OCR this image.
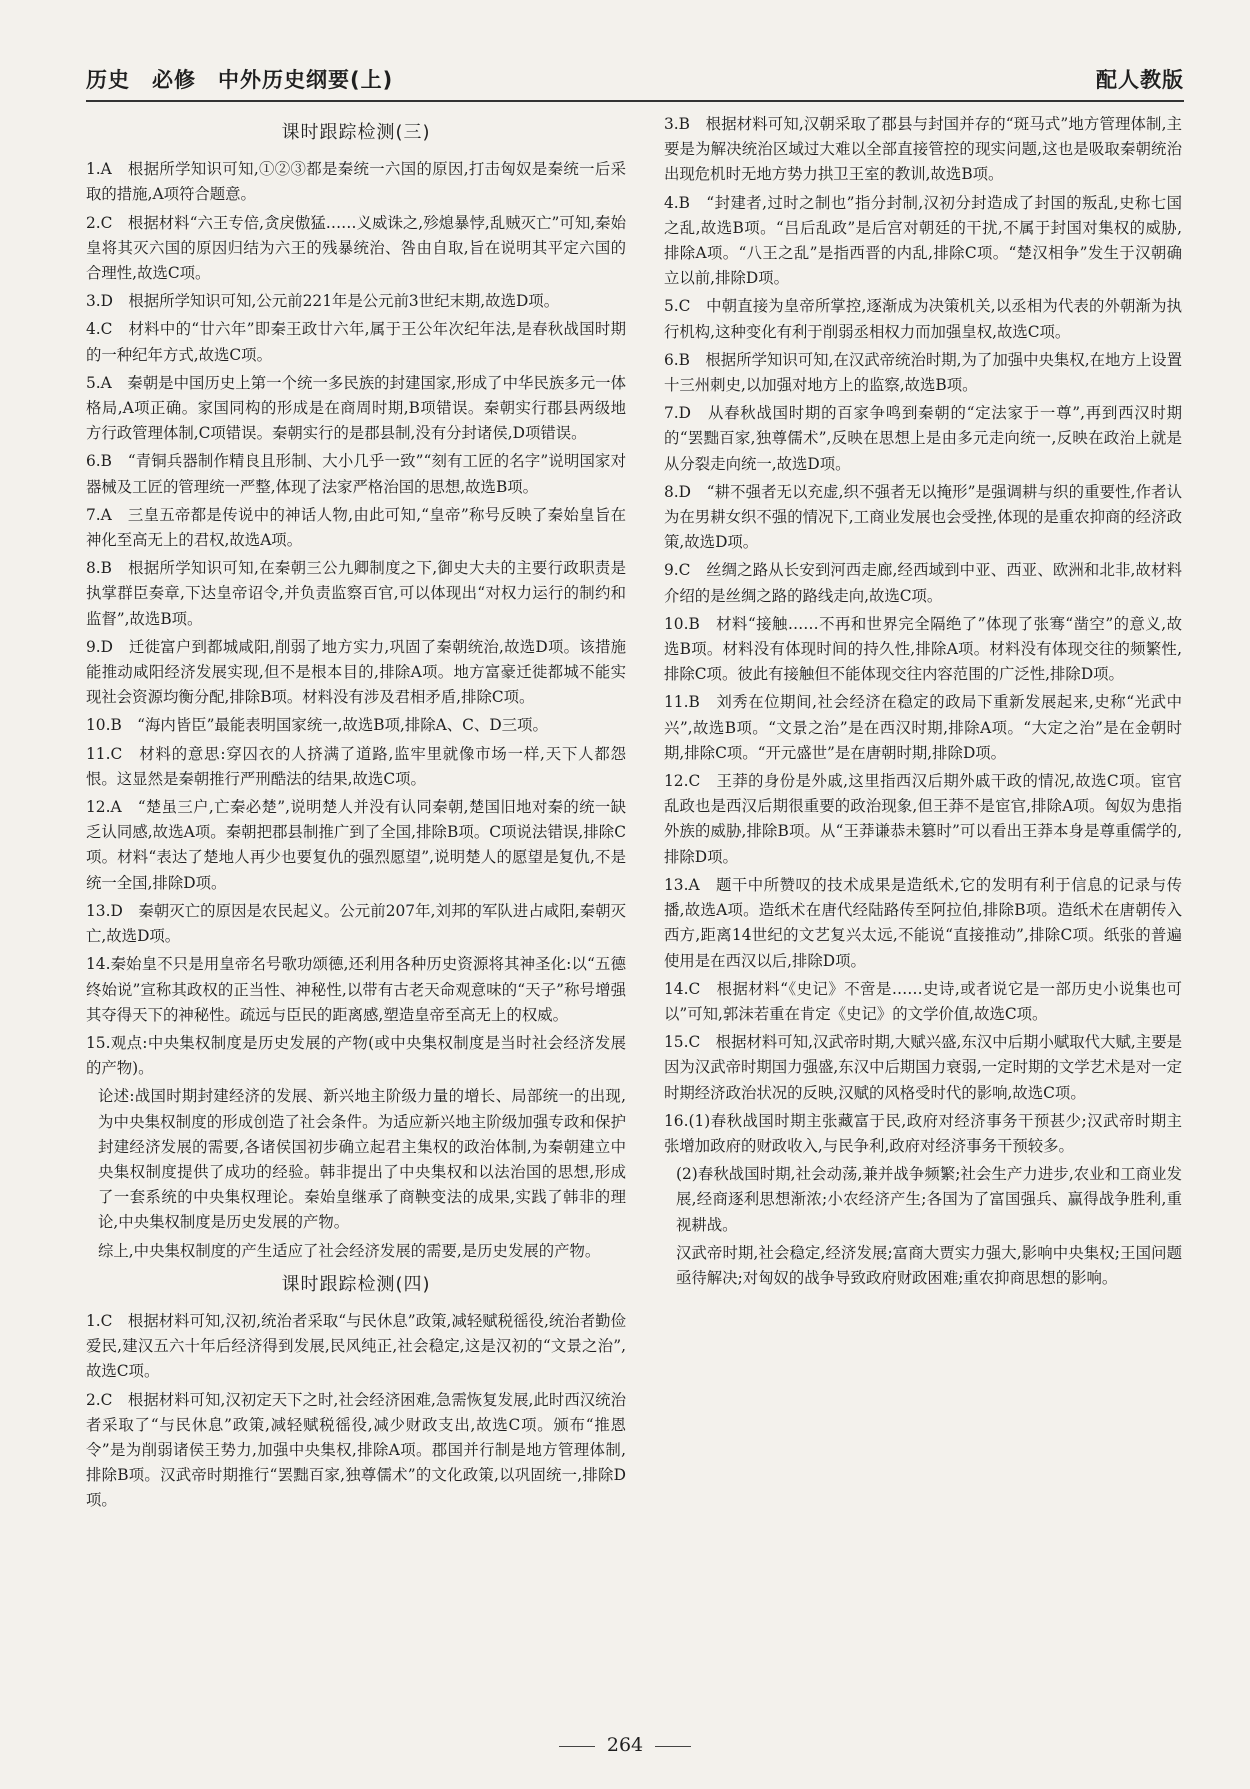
历史　必修　中外历史纲要(上)	配人教版
课时跟踪检测(三)

1.A　根据所学知识可知,①②③都是秦统一六国的原因,打击匈奴是秦统一后采取的措施,A项符合题意。

2.C　根据材料“六王专倍,贪戾傲猛……义威诛之,殄熄暴悖,乱贼灭亡”可知,秦始皇将其灭六国的原因归结为六王的残暴统治、咎由自取,旨在说明其平定六国的合理性,故选C项。

3.D　根据所学知识可知,公元前221年是公元前3世纪末期,故选D项。

4.C　材料中的“廿六年”即秦王政廿六年,属于王公年次纪年法,是春秋战国时期的一种纪年方式,故选C项。

5.A　秦朝是中国历史上第一个统一多民族的封建国家,形成了中华民族多元一体格局,A项正确。家国同构的形成是在商周时期,B项错误。秦朝实行郡县两级地方行政管理体制,C项错误。秦朝实行的是郡县制,没有分封诸侯,D项错误。

6.B　“青铜兵器制作精良且形制、大小几乎一致”“刻有工匠的名字”说明国家对器械及工匠的管理统一严整,体现了法家严格治国的思想,故选B项。

7.A　三皇五帝都是传说中的神话人物,由此可知,“皇帝”称号反映了秦始皇旨在神化至高无上的君权,故选A项。

8.B　根据所学知识可知,在秦朝三公九卿制度之下,御史大夫的主要行政职责是执掌群臣奏章,下达皇帝诏令,并负责监察百官,可以体现出“对权力运行的制约和监督”,故选B项。

9.D　迁徙富户到都城咸阳,削弱了地方实力,巩固了秦朝统治,故选D项。该措施能推动咸阳经济发展实现,但不是根本目的,排除A项。地方富豪迁徙都城不能实现社会资源均衡分配,排除B项。材料没有涉及君相矛盾,排除C项。

10.B　“海内皆臣”最能表明国家统一,故选B项,排除A、C、D三项。

11.C　材料的意思:穿囚衣的人挤满了道路,监牢里就像市场一样,天下人都怨恨。这显然是秦朝推行严刑酷法的结果,故选C项。

12.A　“楚虽三户,亡秦必楚”,说明楚人并没有认同秦朝,楚国旧地对秦的统一缺乏认同感,故选A项。秦朝把郡县制推广到了全国,排除B项。C项说法错误,排除C项。材料“表达了楚地人再少也要复仇的强烈愿望”,说明楚人的愿望是复仇,不是统一全国,排除D项。

13.D　秦朝灭亡的原因是农民起义。公元前207年,刘邦的军队进占咸阳,秦朝灭亡,故选D项。

14.秦始皇不只是用皇帝名号歌功颂德,还利用各种历史资源将其神圣化:以“五德终始说”宣称其政权的正当性、神秘性,以带有古老天命观意味的“天子”称号增强其夺得天下的神秘性。疏远与臣民的距离感,塑造皇帝至高无上的权威。

15.观点:中央集权制度是历史发展的产物(或中央集权制度是当时社会经济发展的产物)。

论述:战国时期封建经济的发展、新兴地主阶级力量的增长、局部统一的出现,为中央集权制度的形成创造了社会条件。为适应新兴地主阶级加强专政和保护封建经济发展的需要,各诸侯国初步确立起君主集权的政治体制,为秦朝建立中央集权制度提供了成功的经验。韩非提出了中央集权和以法治国的思想,形成了一套系统的中央集权理论。秦始皇继承了商鞅变法的成果,实践了韩非的理论,中央集权制度是历史发展的产物。

综上,中央集权制度的产生适应了社会经济发展的需要,是历史发展的产物。

课时跟踪检测(四)

1.C　根据材料可知,汉初,统治者采取“与民休息”政策,减轻赋税徭役,统治者勤俭爱民,建汉五六十年后经济得到发展,民风纯正,社会稳定,这是汉初的“文景之治”,故选C项。

2.C　根据材料可知,汉初定天下之时,社会经济困难,急需恢复发展,此时西汉统治者采取了“与民休息”政策,减轻赋税徭役,减少财政支出,故选C项。颁布“推恩令”是为削弱诸侯王势力,加强中央集权,排除A项。郡国并行制是地方管理体制,排除B项。汉武帝时期推行“罢黜百家,独尊儒术”的文化政策,以巩固统一,排除D项。

3.B　根据材料可知,汉朝采取了郡县与封国并存的“斑马式”地方管理体制,主要是为解决统治区域过大难以全部直接管控的现实问题,这也是吸取秦朝统治出现危机时无地方势力拱卫王室的教训,故选B项。

4.B　“封建者,过时之制也”指分封制,汉初分封造成了封国的叛乱,史称七国之乱,故选B项。“吕后乱政”是后宫对朝廷的干扰,不属于封国对集权的威胁,排除A项。“八王之乱”是指西晋的内乱,排除C项。“楚汉相争”发生于汉朝确立以前,排除D项。

5.C　中朝直接为皇帝所掌控,逐渐成为决策机关,以丞相为代表的外朝渐为执行机构,这种变化有利于削弱丞相权力而加强皇权,故选C项。

6.B　根据所学知识可知,在汉武帝统治时期,为了加强中央集权,在地方上设置十三州刺史,以加强对地方上的监察,故选B项。

7.D　从春秋战国时期的百家争鸣到秦朝的“定法家于一尊”,再到西汉时期的“罢黜百家,独尊儒术”,反映在思想上是由多元走向统一,反映在政治上就是从分裂走向统一,故选D项。

8.D　“耕不强者无以充虚,织不强者无以掩形”是强调耕与织的重要性,作者认为在男耕女织不强的情况下,工商业发展也会受挫,体现的是重农抑商的经济政策,故选D项。

9.C　丝绸之路从长安到河西走廊,经西域到中亚、西亚、欧洲和北非,故材料介绍的是丝绸之路的路线走向,故选C项。

10.B　材料“接触……不再和世界完全隔绝了”体现了张骞“凿空”的意义,故选B项。材料没有体现时间的持久性,排除A项。材料没有体现交往的频繁性,排除C项。彼此有接触但不能体现交往内容范围的广泛性,排除D项。

11.B　刘秀在位期间,社会经济在稳定的政局下重新发展起来,史称“光武中兴”,故选B项。“文景之治”是在西汉时期,排除A项。“大定之治”是在金朝时期,排除C项。“开元盛世”是在唐朝时期,排除D项。

12.C　王莽的身份是外戚,这里指西汉后期外戚干政的情况,故选C项。宦官乱政也是西汉后期很重要的政治现象,但王莽不是宦官,排除A项。匈奴为患指外族的威胁,排除B项。从“王莽谦恭未篡时”可以看出王莽本身是尊重儒学的,排除D项。

13.A　题干中所赞叹的技术成果是造纸术,它的发明有利于信息的记录与传播,故选A项。造纸术在唐代经陆路传至阿拉伯,排除B项。造纸术在唐朝传入西方,距离14世纪的文艺复兴太远,不能说“直接推动”,排除C项。纸张的普遍使用是在西汉以后,排除D项。

14.C　根据材料“《史记》不啻是……史诗,或者说它是一部历史小说集也可以”可知,郭沫若重在肯定《史记》的文学价值,故选C项。

15.C　根据材料可知,汉武帝时期,大赋兴盛,东汉中后期小赋取代大赋,主要是因为汉武帝时期国力强盛,东汉中后期国力衰弱,一定时期的文学艺术是对一定时期经济政治状况的反映,汉赋的风格受时代的影响,故选C项。

16.(1)春秋战国时期主张藏富于民,政府对经济事务干预甚少;汉武帝时期主张增加政府的财政收入,与民争利,政府对经济事务干预较多。

(2)春秋战国时期,社会动荡,兼并战争频繁;社会生产力进步,农业和工商业发展,经商逐利思想渐浓;小农经济产生;各国为了富国强兵、赢得战争胜利,重视耕战。

汉武帝时期,社会稳定,经济发展;富商大贾实力强大,影响中央集权;王国问题亟待解决;对匈奴的战争导致政府财政困难;重农抑商思想的影响。

264
